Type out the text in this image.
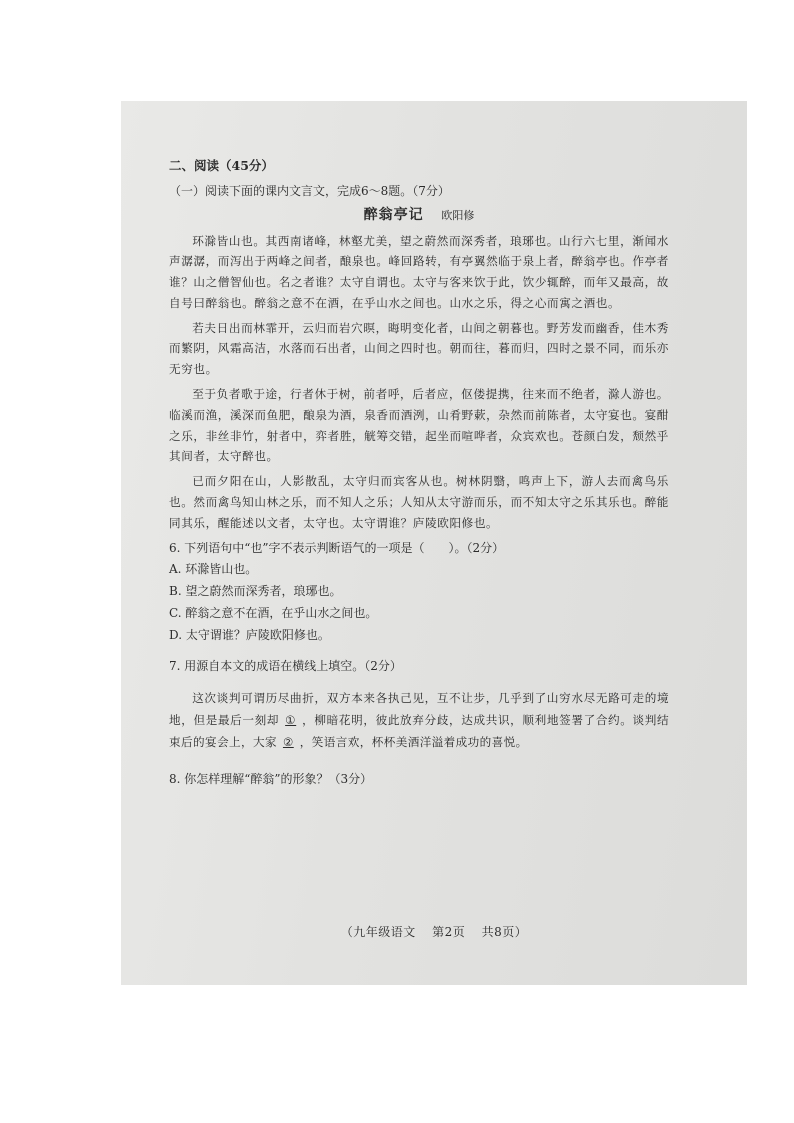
二、阅读（45分）

（一）阅读下面的课内文言文，完成6～8题。（7分）

醉翁亭记 欧阳修

环滁皆山也。其西南诸峰，林壑尤美，望之蔚然而深秀者，琅琊也。山行六七里，渐闻水声潺潺，而泻出于两峰之间者，酿泉也。峰回路转，有亭翼然临于泉上者，醉翁亭也。作亭者谁？山之僧智仙也。名之者谁？太守自谓也。太守与客来饮于此，饮少辄醉，而年又最高，故自号曰醉翁也。醉翁之意不在酒，在乎山水之间也。山水之乐，得之心而寓之酒也。

若夫日出而林霏开，云归而岩穴暝，晦明变化者，山间之朝暮也。野芳发而幽香，佳木秀而繁阴，风霜高洁，水落而石出者，山间之四时也。朝而往，暮而归，四时之景不同，而乐亦无穷也。

至于负者歌于途，行者休于树，前者呼，后者应，伛偻提携，往来而不绝者，滁人游也。临溪而渔，溪深而鱼肥，酿泉为酒，泉香而酒洌，山肴野蔌，杂然而前陈者，太守宴也。宴酣之乐，非丝非竹，射者中，弈者胜，觥筹交错，起坐而喧哗者，众宾欢也。苍颜白发，颓然乎其间者，太守醉也。

已而夕阳在山，人影散乱，太守归而宾客从也。树林阴翳，鸣声上下，游人去而禽鸟乐也。然而禽鸟知山林之乐，而不知人之乐；人知从太守游而乐，而不知太守之乐其乐也。醉能同其乐，醒能述以文者，太守也。太守谓谁？庐陵欧阳修也。

6. 下列语句中“也”字不表示判断语气的一项是（　　）。（2分）

A. 环滁皆山也。

B. 望之蔚然而深秀者，琅琊也。

C. 醉翁之意不在酒，在乎山水之间也。

D. 太守谓谁？庐陵欧阳修也。

7. 用源自本文的成语在横线上填空。（2分）

这次谈判可谓历尽曲折，双方本来各执己见，互不让步，几乎到了山穷水尽无路可走的境地，但是最后一刻却 ① ，柳暗花明，彼此放弃分歧，达成共识，顺利地签署了合约。谈判结束后的宴会上，大家 ② ，笑语言欢，杯杯美酒洋溢着成功的喜悦。

8. 你怎样理解“醉翁”的形象？（3分）

（九年级语文 第2页 共8页）
